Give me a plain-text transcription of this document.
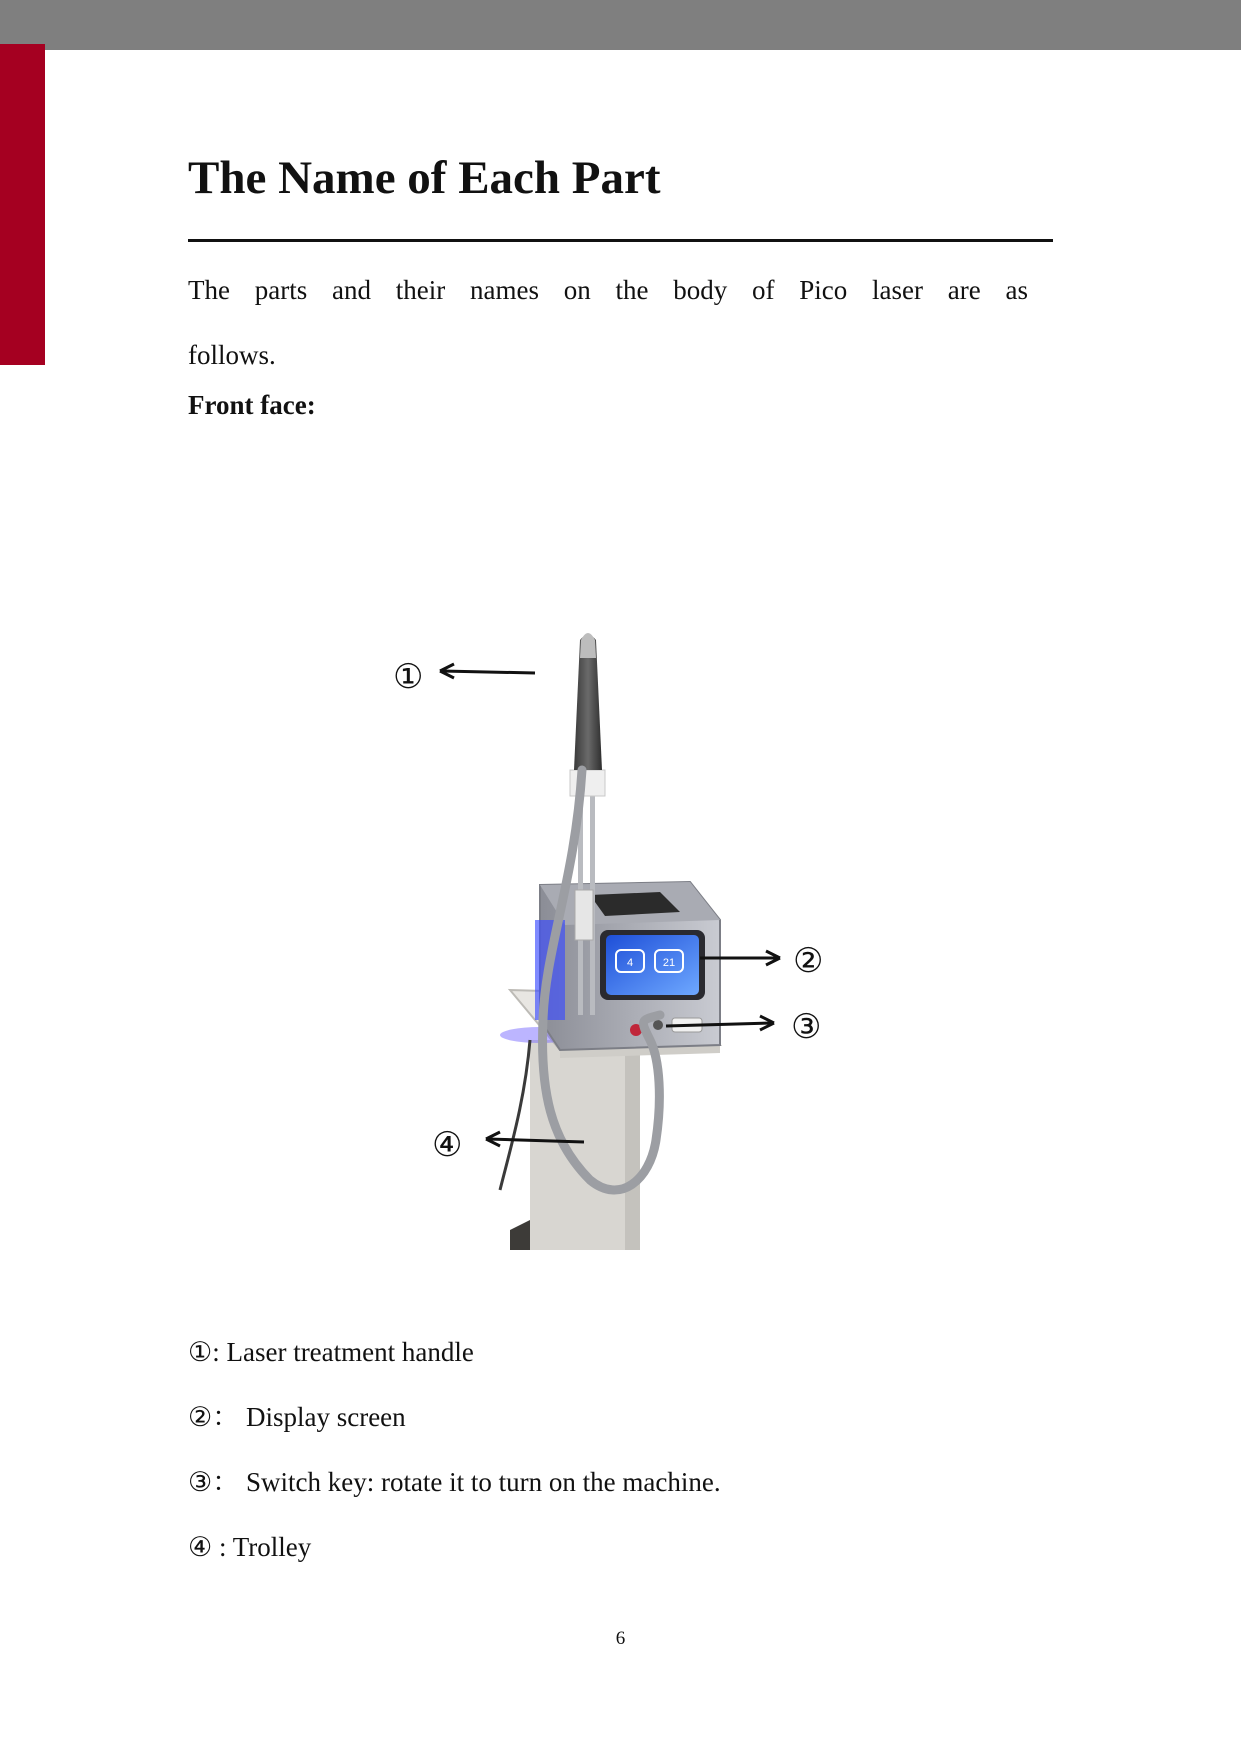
The Name of Each Part

The parts and their names on the body of Pico laser are as follows.

Front face:

4	21
①
②
③
④
①: Laser treatment handle
②： Display screen
③： Switch key: rotate it to turn on the machine.
④ : Trolley
6
